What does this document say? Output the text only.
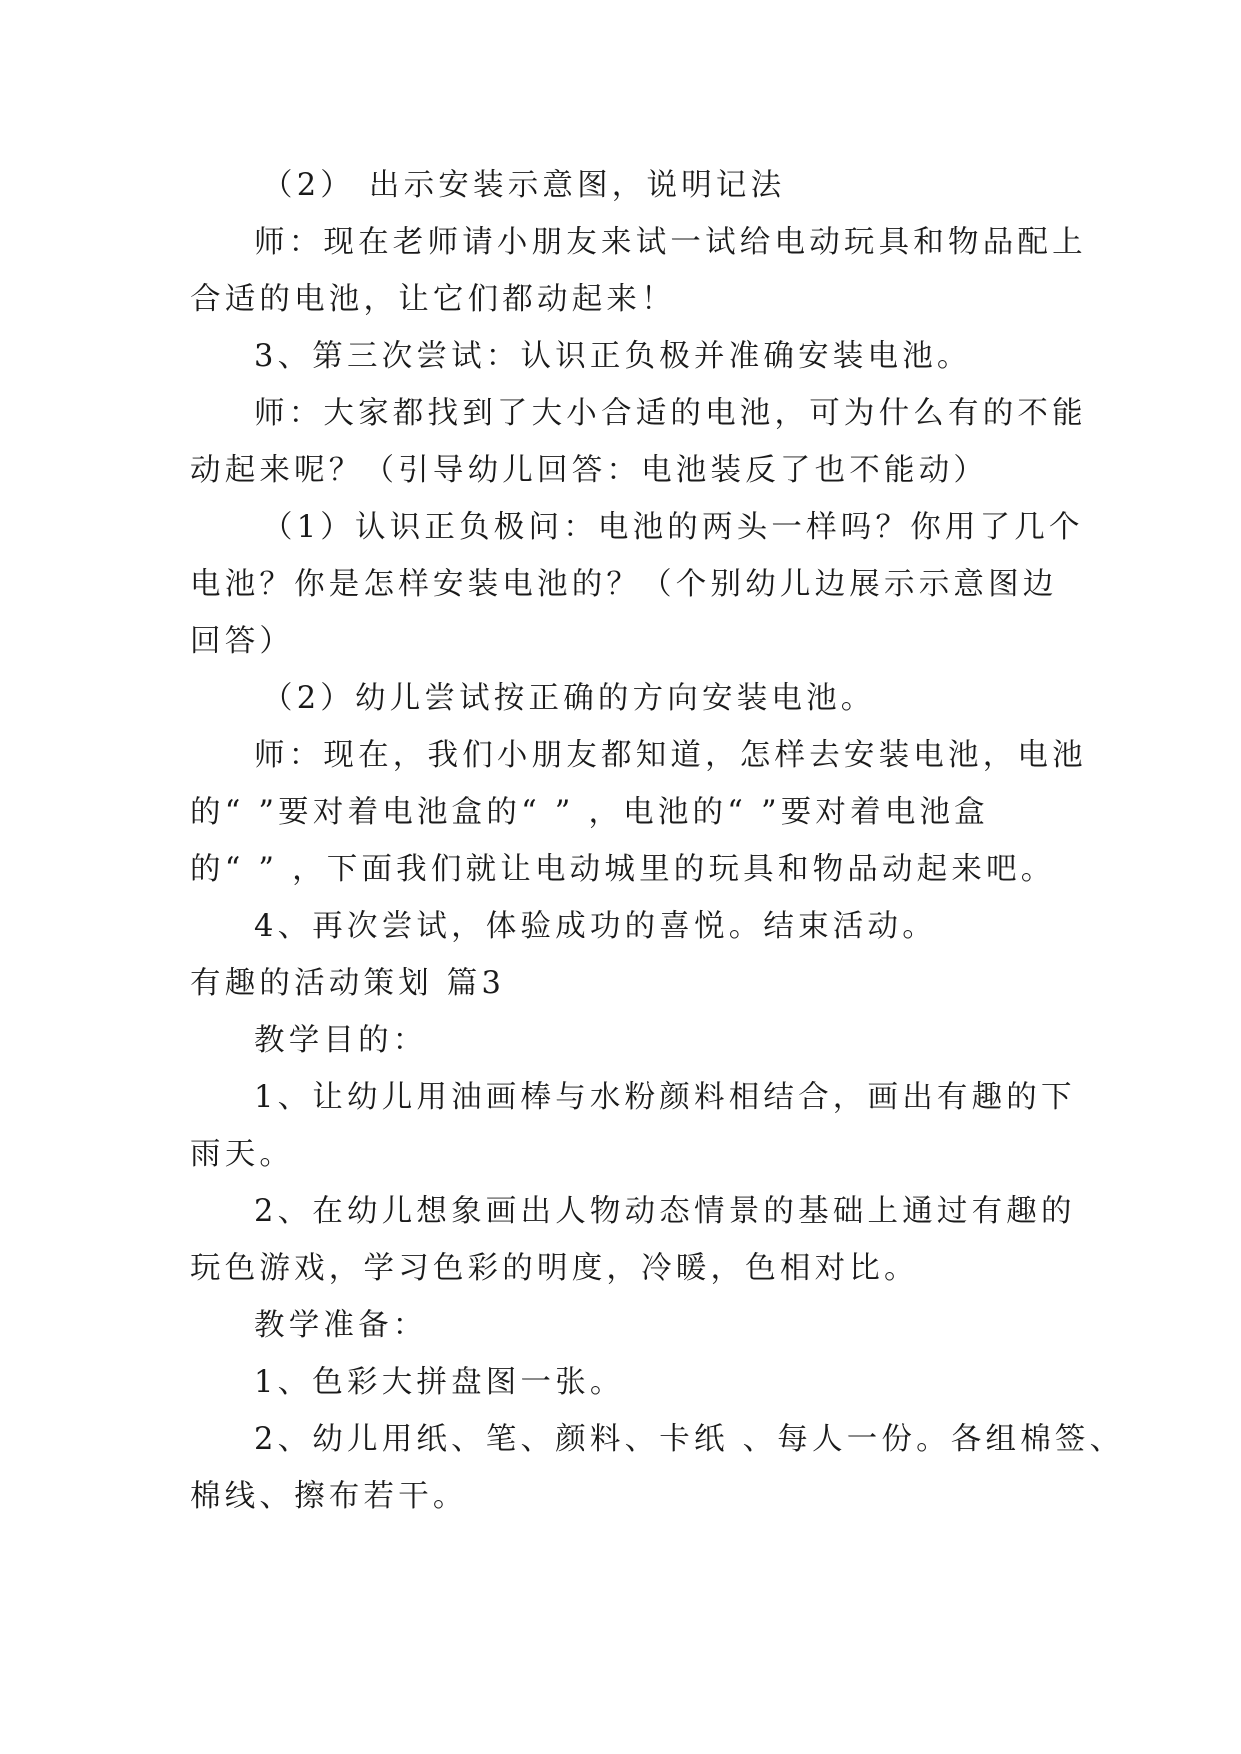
（2） 出示安装示意图，说明记法
师：现在老师请小朋友来试一试给电动玩具和物品配上
合适的电池，让它们都动起来！
3、第三次尝试：认识正负极并准确安装电池。
师：大家都找到了大小合适的电池，可为什么有的不能
动起来呢？（引导幼儿回答：电池装反了也不能动）
（1）认识正负极问：电池的两头一样吗？你用了几个
电池？你是怎样安装电池的？（个别幼儿边展示示意图边
回答）
（2）幼儿尝试按正确的方向安装电池。
师：现在，我们小朋友都知道，怎样去安装电池，电池
的“ ”要对着电池盒的“ ” ，电池的“ ”要对着电池盒
的“ ” ，下面我们就让电动城里的玩具和物品动起来吧。
4、再次尝试，体验成功的喜悦。结束活动。
有趣的活动策划 篇3
教学目的：
1、让幼儿用油画棒与水粉颜料相结合，画出有趣的下
雨天。
2、在幼儿想象画出人物动态情景的基础上通过有趣的
玩色游戏，学习色彩的明度，冷暖，色相对比。
教学准备：
1、色彩大拼盘图一张。
2、幼儿用纸、笔、颜料、卡纸 、每人一份。各组棉签、
棉线、擦布若干。
